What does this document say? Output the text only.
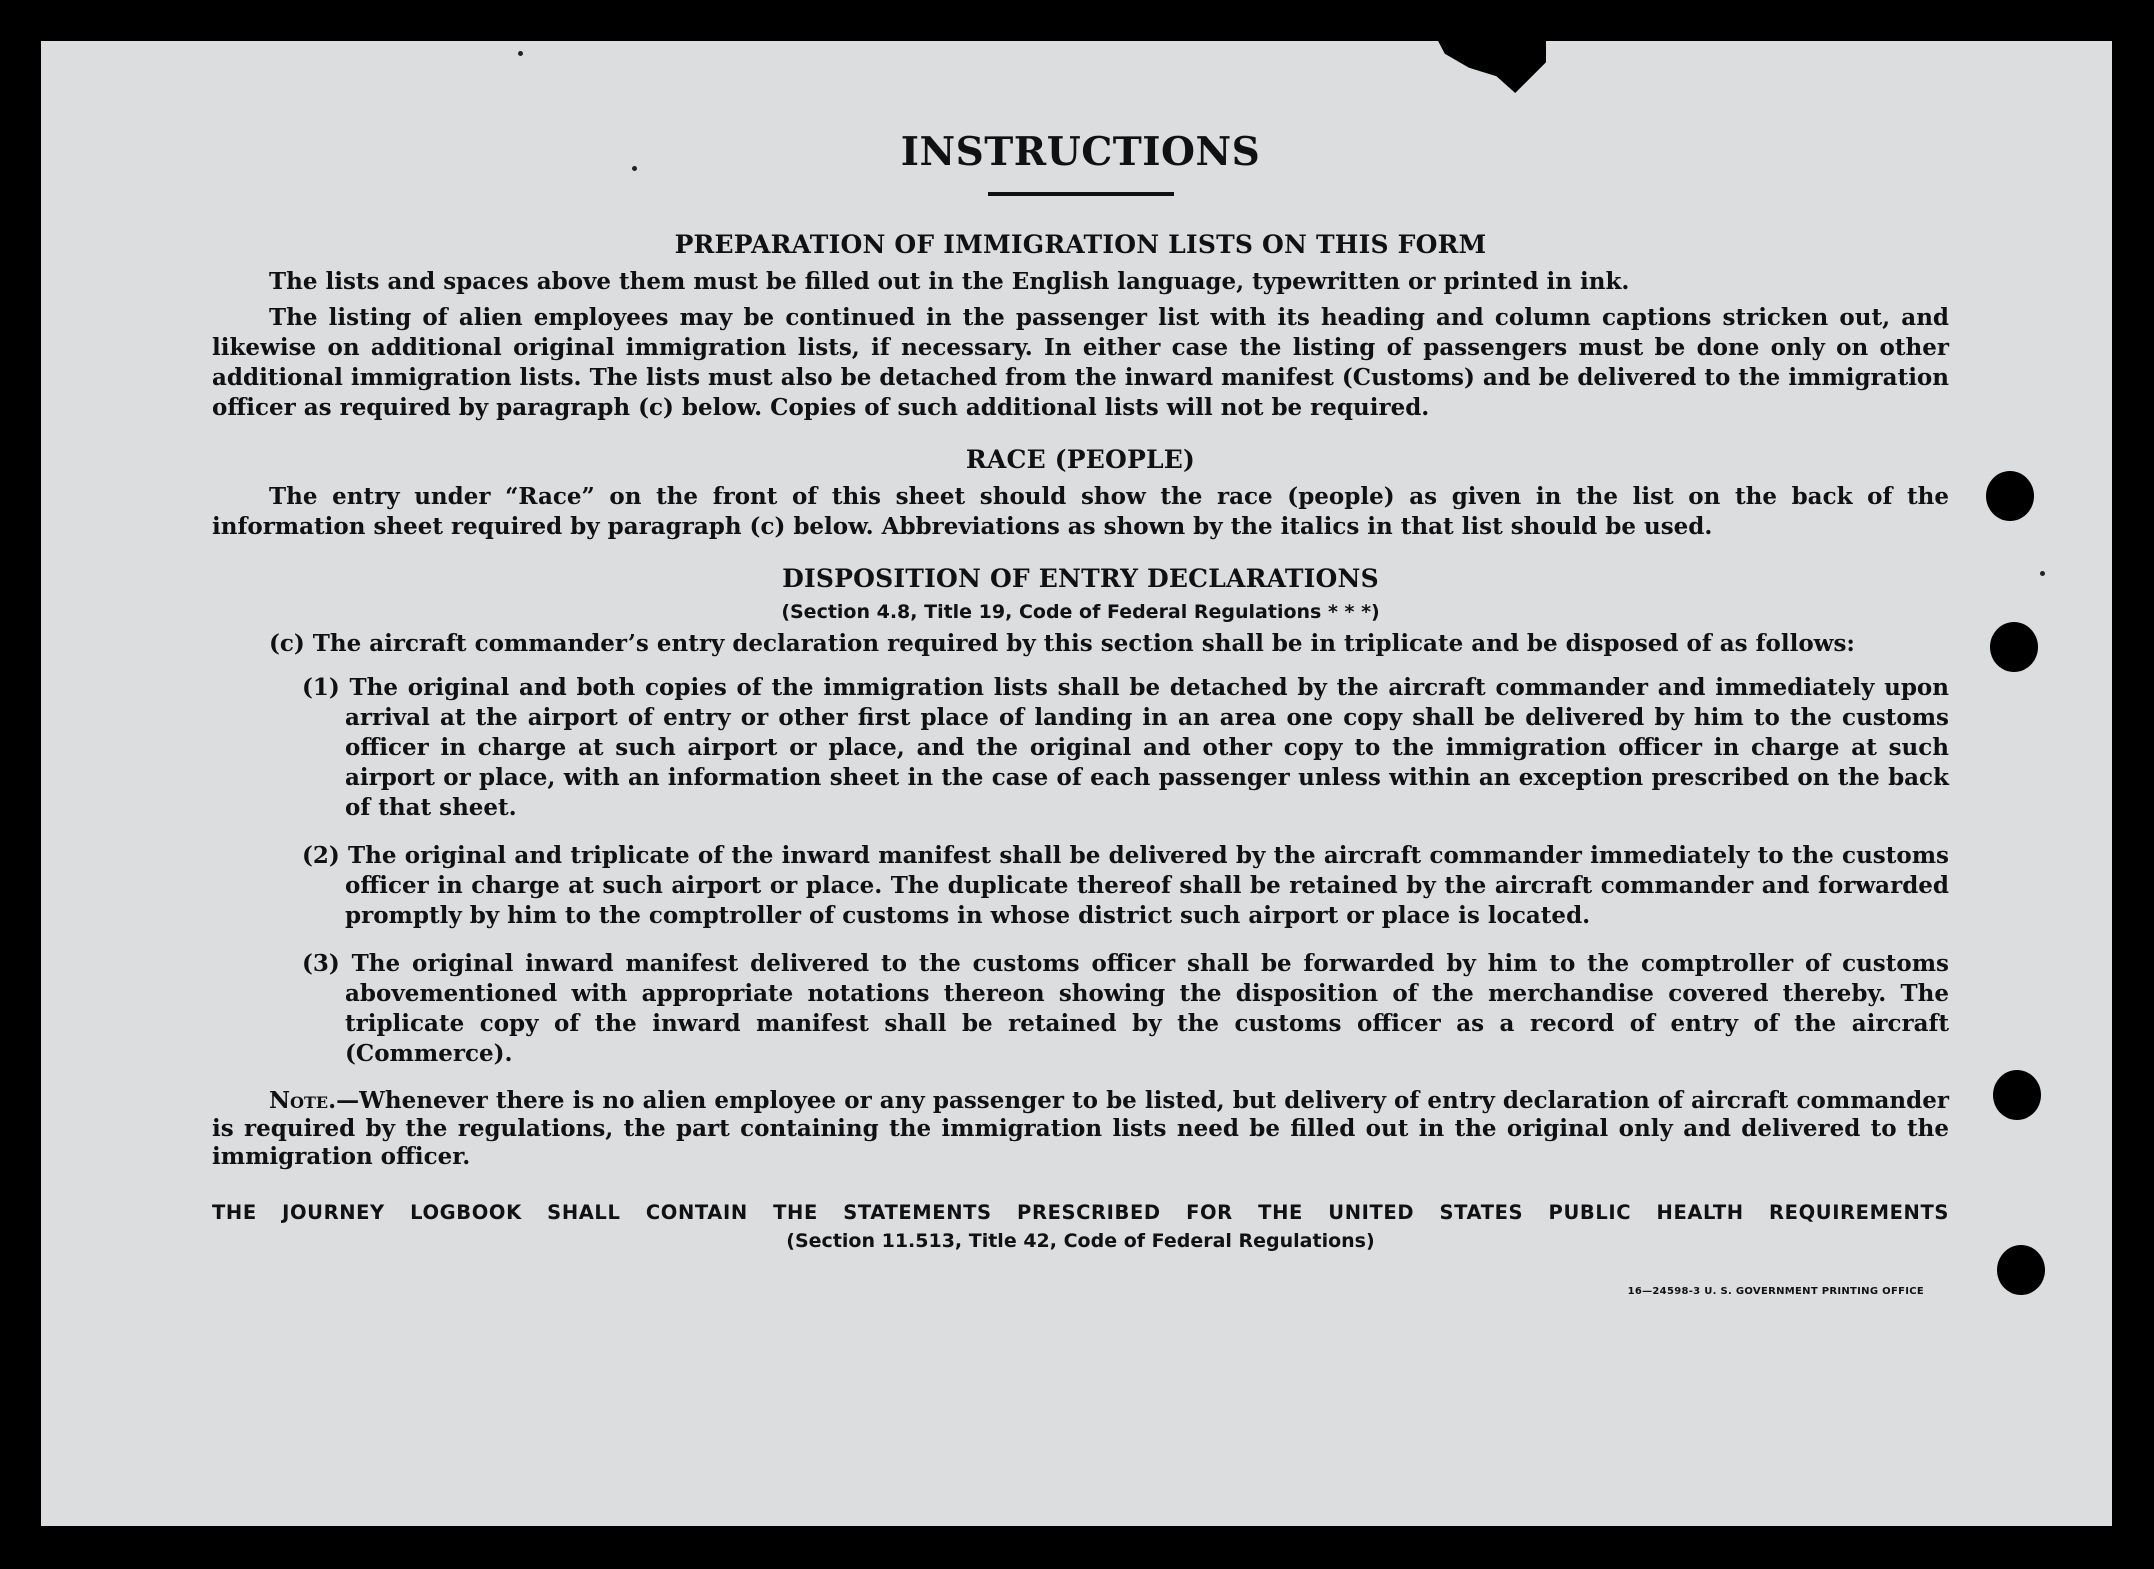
INSTRUCTIONS
PREPARATION OF IMMIGRATION LISTS ON THIS FORM

The lists and spaces above them must be filled out in the English language, typewritten or printed in ink.

The listing of alien employees may be continued in the passenger list with its heading and column captions stricken out, and likewise on additional original immigration lists, if necessary. In either case the listing of passengers must be done only on other additional immigration lists. The lists must also be detached from the inward manifest (Customs) and be delivered to the immigration officer as required by paragraph (c) below. Copies of such additional lists will not be required.

RACE (PEOPLE)

The entry under “Race” on the front of this sheet should show the race (people) as given in the list on the back of the information sheet required by paragraph (c) below. Abbreviations as shown by the italics in that list should be used.

DISPOSITION OF ENTRY DECLARATIONS
(Section 4.8, Title 19, Code of Federal Regulations * * *)
(c) The aircraft commander’s entry declaration required by this section shall be in triplicate and be disposed of as follows:
(1) The original and both copies of the immigration lists shall be detached by the aircraft commander and immediately upon arrival at the airport of entry or other first place of landing in an area one copy shall be delivered by him to the customs officer in charge at such airport or place, and the original and other copy to the immigration officer in charge at such airport or place, with an information sheet in the case of each passenger unless within an exception prescribed on the back of that sheet.
(2) The original and triplicate of the inward manifest shall be delivered by the aircraft commander immediately to the customs officer in charge at such airport or place. The duplicate thereof shall be retained by the aircraft commander and forwarded promptly by him to the comptroller of customs in whose district such airport or place is located.
(3) The original inward manifest delivered to the customs officer shall be forwarded by him to the comptroller of customs abovementioned with appropriate notations thereon showing the disposition of the merchandise covered thereby. The triplicate copy of the inward manifest shall be retained by the customs officer as a record of entry of the aircraft (Commerce).

Note.—Whenever there is no alien employee or any passenger to be listed, but delivery of entry declaration of aircraft commander is required by the regulations, the part containing the immigration lists need be filled out in the original only and delivered to the immigration officer.

THE JOURNEY LOGBOOK SHALL CONTAIN THE STATEMENTS PRESCRIBED FOR THE UNITED STATES PUBLIC HEALTH REQUIREMENTS
(Section 11.513, Title 42, Code of Federal Regulations)
16—24598-3 U. S. GOVERNMENT PRINTING OFFICE
